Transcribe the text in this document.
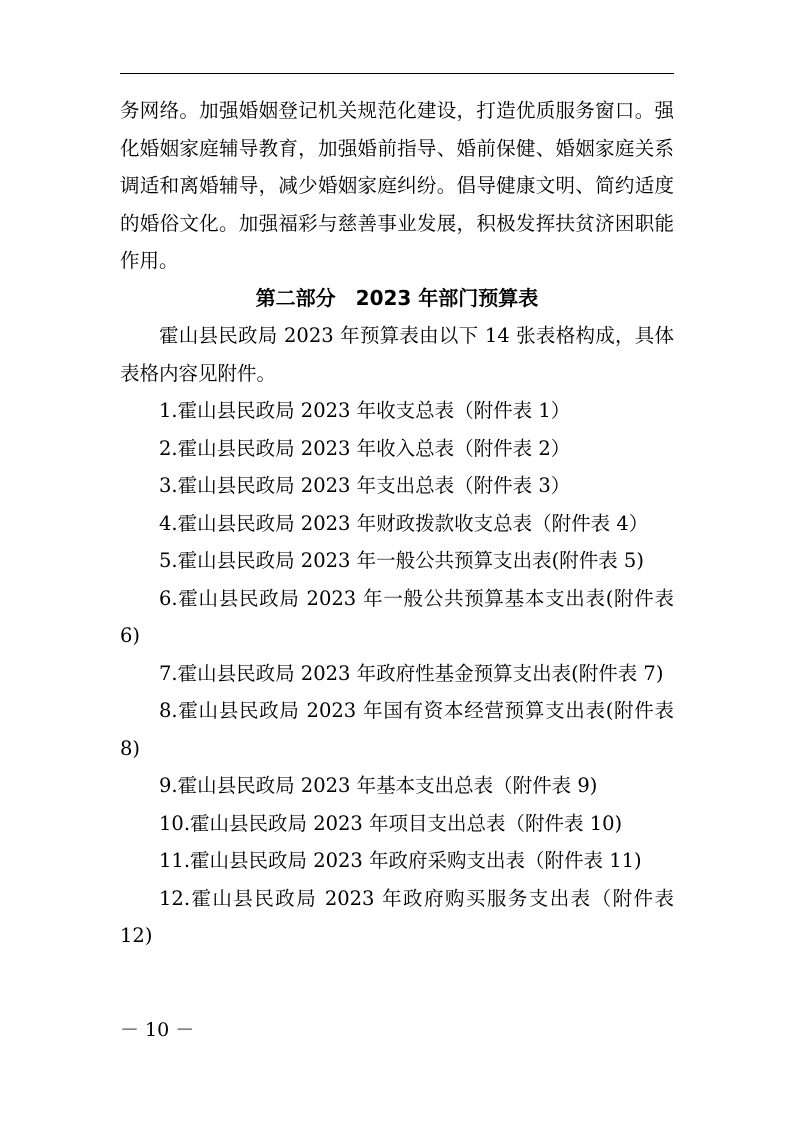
务网络。加强婚姻登记机关规范化建设，打造优质服务窗口。强化婚姻家庭辅导教育，加强婚前指导、婚前保健、婚姻家庭关系调适和离婚辅导，减少婚姻家庭纠纷。倡导健康文明、简约适度的婚俗文化。加强福彩与慈善事业发展，积极发挥扶贫济困职能作用。

第二部分　2023 年部门预算表

霍山县民政局 2023 年预算表由以下 14 张表格构成，具体表格内容见附件。

1.霍山县民政局 2023 年收支总表（附件表 1）

2.霍山县民政局 2023 年收入总表（附件表 2）

3.霍山县民政局 2023 年支出总表（附件表 3）

4.霍山县民政局 2023 年财政拨款收支总表（附件表 4）

5.霍山县民政局 2023 年一般公共预算支出表(附件表 5)

6.霍山县民政局 2023 年一般公共预算基本支出表(附件表 6)

7.霍山县民政局 2023 年政府性基金预算支出表(附件表 7)

8.霍山县民政局 2023 年国有资本经营预算支出表(附件表 8)

9.霍山县民政局 2023 年基本支出总表（附件表 9)

10.霍山县民政局 2023 年项目支出总表（附件表 10)

11.霍山县民政局 2023 年政府采购支出表（附件表 11)

12.霍山县民政局 2023 年政府购买服务支出表（附件表 12)

－ 10 －
